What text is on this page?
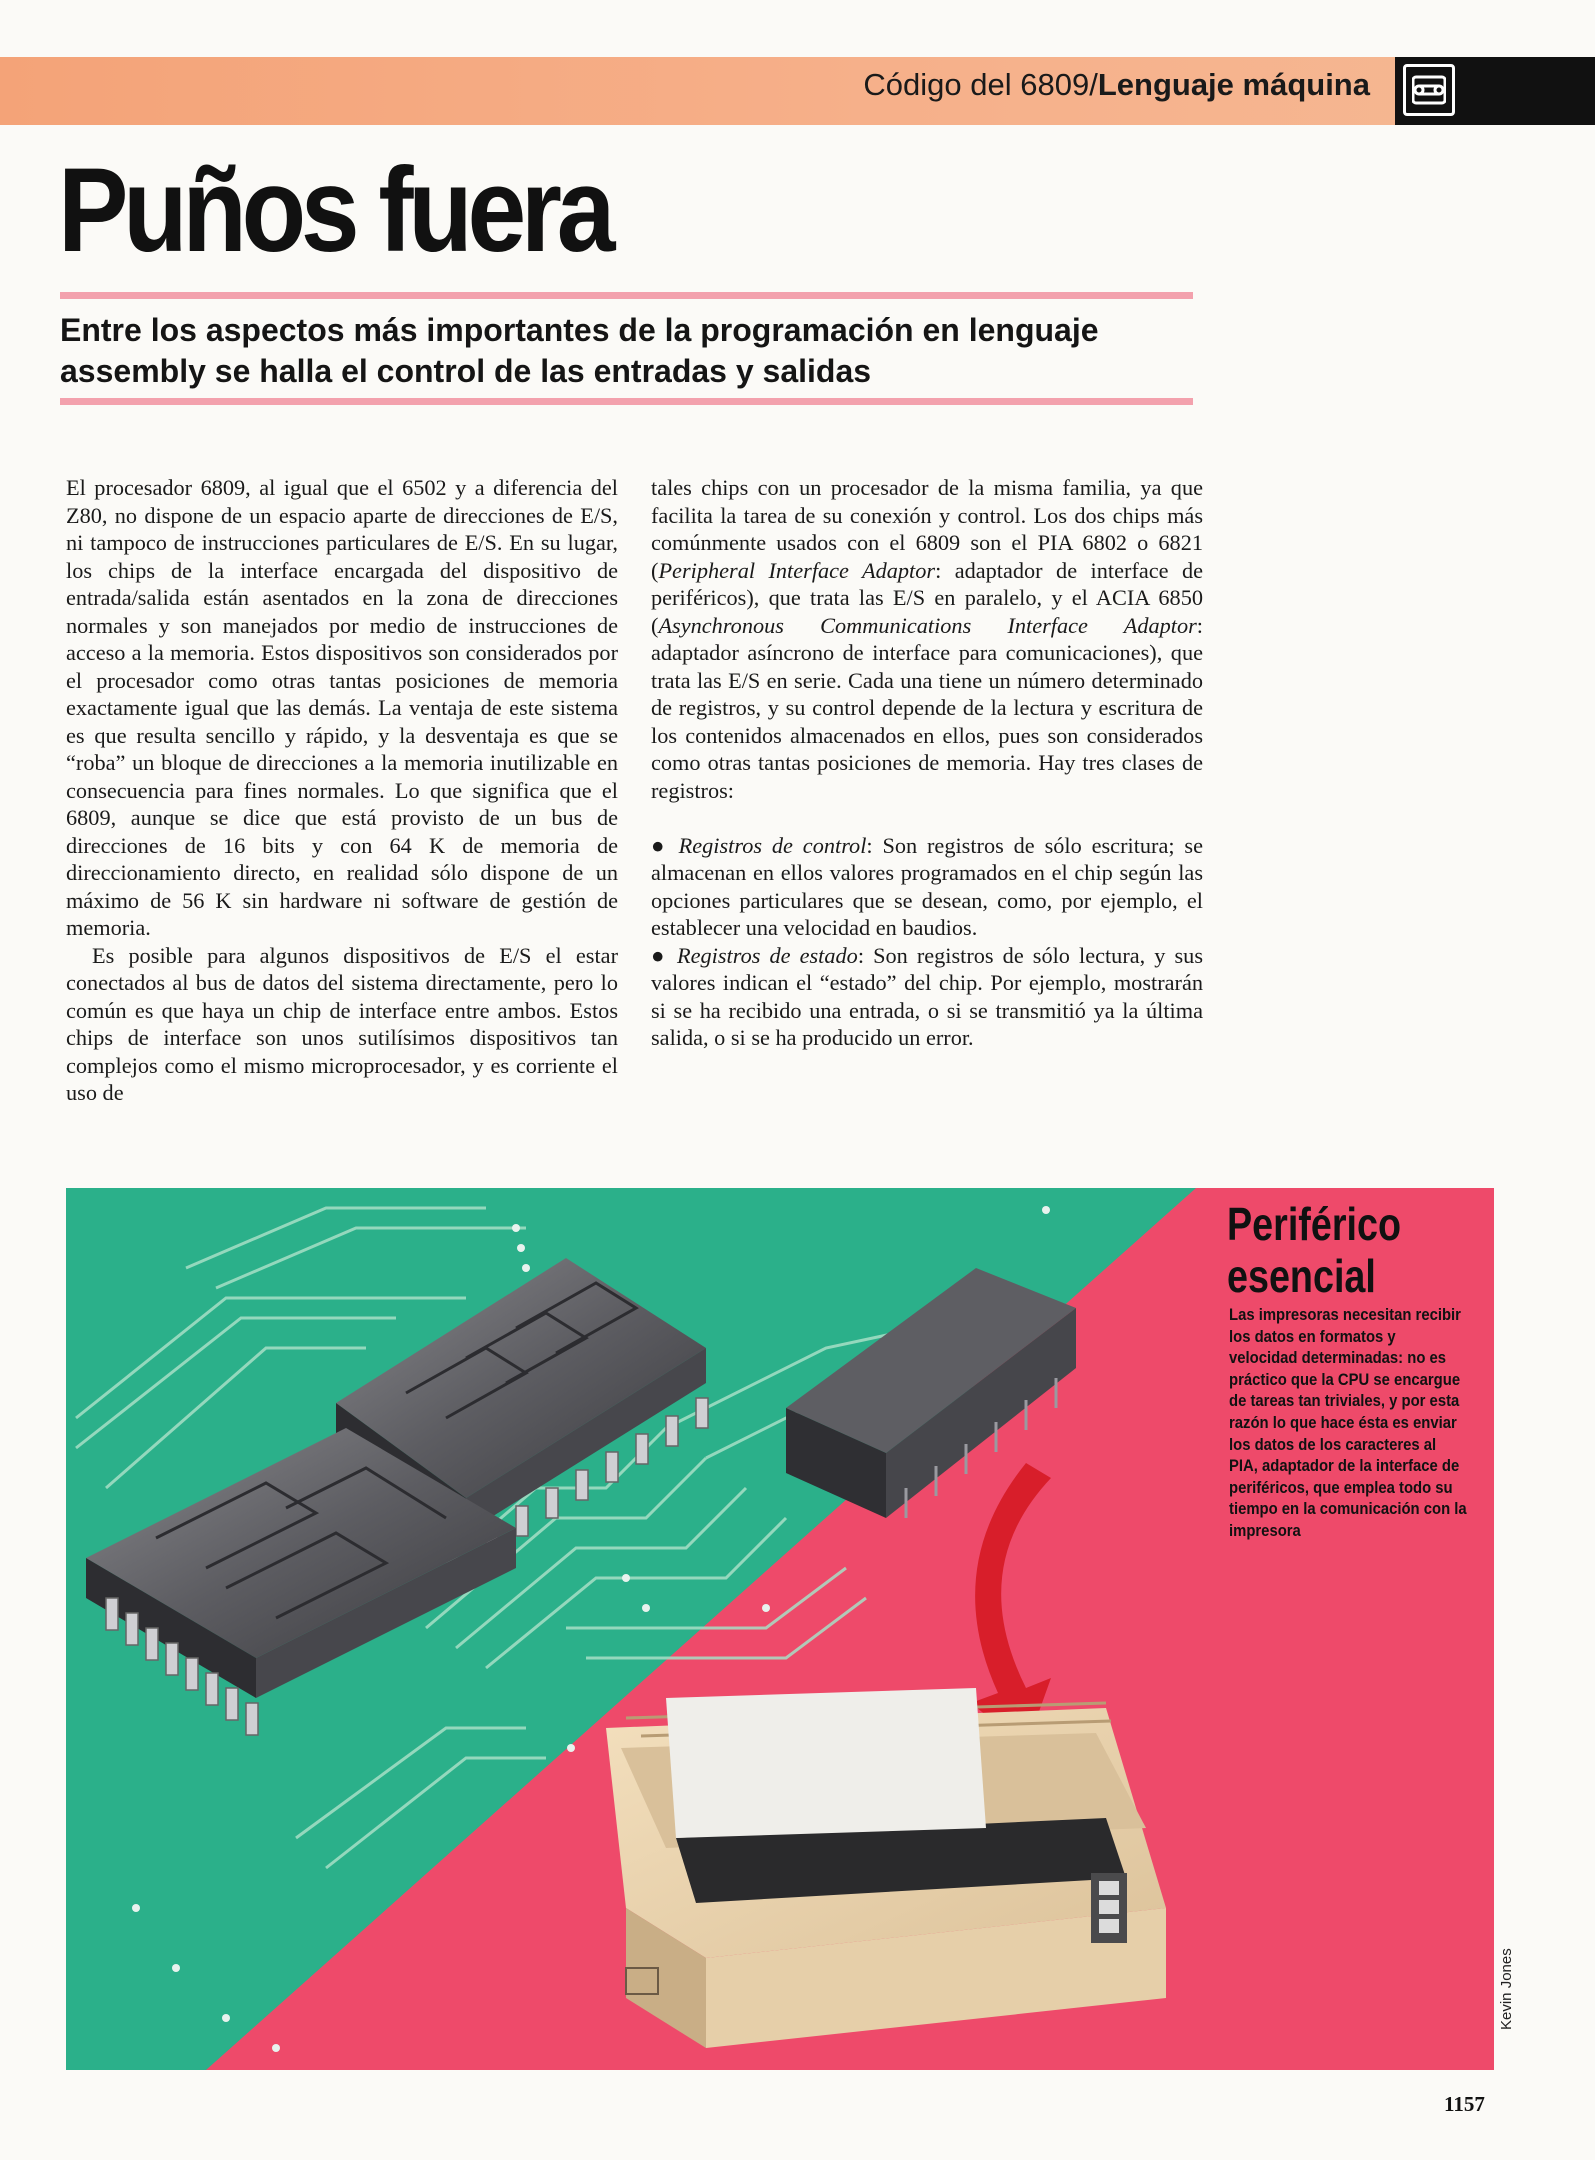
Código del 6809/Lenguaje máquina
Puños fuera
Entre los aspectos más importantes de la programación en lenguaje assembly se halla el control de las entradas y salidas

El procesador 6809, al igual que el 6502 y a diferencia del Z80, no dispone de un espacio aparte de direcciones de E/S, ni tampoco de instrucciones particulares de E/S. En su lugar, los chips de la interface encargada del dispositivo de entrada/salida están asentados en la zona de direcciones normales y son manejados por medio de instrucciones de acceso a la memoria. Estos dispositivos son considerados por el procesador como otras tantas posiciones de memoria exactamente igual que las demás. La ventaja de este sistema es que resulta sencillo y rápido, y la desventaja es que se “roba” un bloque de direcciones a la memoria inutilizable en consecuencia para fines normales. Lo que significa que el 6809, aunque se dice que está provisto de un bus de direcciones de 16 bits y con 64 K de memoria de direccionamiento directo, en realidad sólo dispone de un máximo de 56 K sin hardware ni software de gestión de memoria.

Es posible para algunos dispositivos de E/S el estar conectados al bus de datos del sistema directamente, pero lo común es que haya un chip de interface entre ambos. Estos chips de interface son unos sutilísimos dispositivos tan complejos como el mismo microprocesador, y es corriente el uso de

tales chips con un procesador de la misma familia, ya que facilita la tarea de su conexión y control. Los dos chips más comúnmente usados con el 6809 son el PIA 6802 o 6821 (Peripheral Interface Adaptor: adaptador de interface de periféricos), que trata las E/S en paralelo, y el ACIA 6850 (Asynchronous Communications Interface Adaptor: adaptador asíncrono de interface para comunicaciones), que trata las E/S en serie. Cada una tiene un número determinado de registros, y su control depende de la lectura y escritura de los contenidos almacenados en ellos, pues son considerados como otras tantas posiciones de memoria. Hay tres clases de registros:

● Registros de control: Son registros de sólo escritura; se almacenan en ellos valores programados en el chip según las opciones particulares que se desean, como, por ejemplo, el establecer una velocidad en baudios.

● Registros de estado: Son registros de sólo lectura, y sus valores indican el “estado” del chip. Por ejemplo, mostrarán si se ha recibido una entrada, o si se transmitió ya la última salida, o si se ha producido un error.

Periférico
esencial
Las impresoras necesitan recibir los datos en formatos y velocidad determinadas: no es práctico que la CPU se encargue de tareas tan triviales, y por esta razón lo que hace ésta es enviar los datos de los caracteres al PIA, adaptador de la interface de periféricos, que emplea todo su tiempo en la comunicación con la impresora
Kevin Jones
1157
